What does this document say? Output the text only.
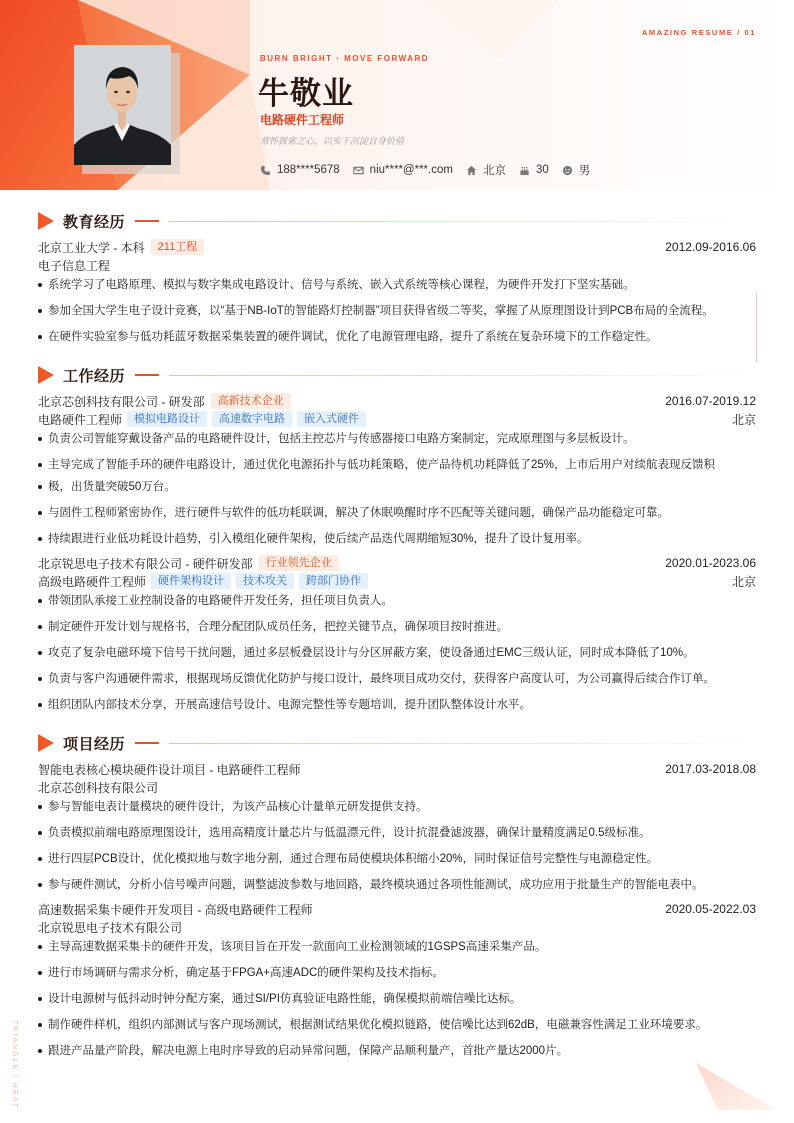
AMAZING RESUME / 01
BURN BRIGHT · MOVE FORWARD
牛敬业
电路硬件工程师
常怀探索之心，以实干沉淀自身价值
188****5678	niu****@***.com	北京	30	男
教育经历
北京工业大学 - 本科	211工程	2012.09-2016.06
电子信息工程
系统学习了电路原理、模拟与数字集成电路设计、信号与系统、嵌入式系统等核心课程，为硬件开发打下坚实基础。
参加全国大学生电子设计竞赛，以“基于NB-IoT的智能路灯控制器”项目获得省级二等奖，掌握了从原理图设计到PCB布局的全流程。
在硬件实验室参与低功耗蓝牙数据采集装置的硬件调试，优化了电源管理电路，提升了系统在复杂环境下的工作稳定性。
工作经历
北京芯创科技有限公司 - 研发部	高新技术企业	2016.07-2019.12
电路硬件工程师	模拟电路设计	高速数字电路	嵌入式硬件	北京
负责公司智能穿戴设备产品的电路硬件设计，包括主控芯片与传感器接口电路方案制定，完成原理图与多层板设计。
主导完成了智能手环的硬件电路设计，通过优化电源拓扑与低功耗策略，使产品待机功耗降低了25%，上市后用户对续航表现反馈积
极，出货量突破50万台。
与固件工程师紧密协作，进行硬件与软件的低功耗联调，解决了休眠唤醒时序不匹配等关键问题，确保产品功能稳定可靠。
持续跟进行业低功耗设计趋势，引入模组化硬件架构，使后续产品迭代周期缩短30%，提升了设计复用率。
北京锐思电子技术有限公司 - 硬件研发部	行业领先企业	2020.01-2023.06
高级电路硬件工程师	硬件架构设计	技术攻关	跨部门协作	北京
带领团队承接工业控制设备的电路硬件开发任务，担任项目负责人。
制定硬件开发计划与规格书，合理分配团队成员任务，把控关键节点，确保项目按时推进。
攻克了复杂电磁环境下信号干扰问题，通过多层板叠层设计与分区屏蔽方案，使设备通过EMC三级认证，同时成本降低了10%。
负责与客户沟通硬件需求，根据现场反馈优化防护与接口设计，最终项目成功交付，获得客户高度认可，为公司赢得后续合作订单。
组织团队内部技术分享，开展高速信号设计、电源完整性等专题培训，提升团队整体设计水平。
项目经历
智能电表核心模块硬件设计项目 - 电路硬件工程师	2017.03-2018.08
北京芯创科技有限公司
参与智能电表计量模块的硬件设计，为该产品核心计量单元研发提供支持。
负责模拟前端电路原理图设计，选用高精度计量芯片与低温漂元件，设计抗混叠滤波器，确保计量精度满足0.5级标准。
进行四层PCB设计，优化模拟地与数字地分割，通过合理布局使模块体积缩小20%，同时保证信号完整性与电源稳定性。
参与硬件测试，分析小信号噪声问题，调整滤波参数与地回路，最终模块通过各项性能测试，成功应用于批量生产的智能电表中。
高速数据采集卡硬件开发项目 - 高级电路硬件工程师	2020.05-2022.03
北京锐思电子技术有限公司
主导高速数据采集卡的硬件开发，该项目旨在开发一款面向工业检测领域的1GSPS高速采集产品。
进行市场调研与需求分析，确定基于FPGA+高速ADC的硬件架构及技术指标。
设计电源树与低抖动时钟分配方案，通过SI/PI仿真验证电路性能，确保模拟前端信噪比达标。
制作硬件样机，组织内部测试与客户现场测试，根据测试结果优化模拟链路，使信噪比达到62dB，电磁兼容性满足工业环境要求。
跟进产品量产阶段，解决电源上电时序导致的启动异常问题，保障产品顺利量产，首批产量达2000片。
TRIANGLE / HEAT
